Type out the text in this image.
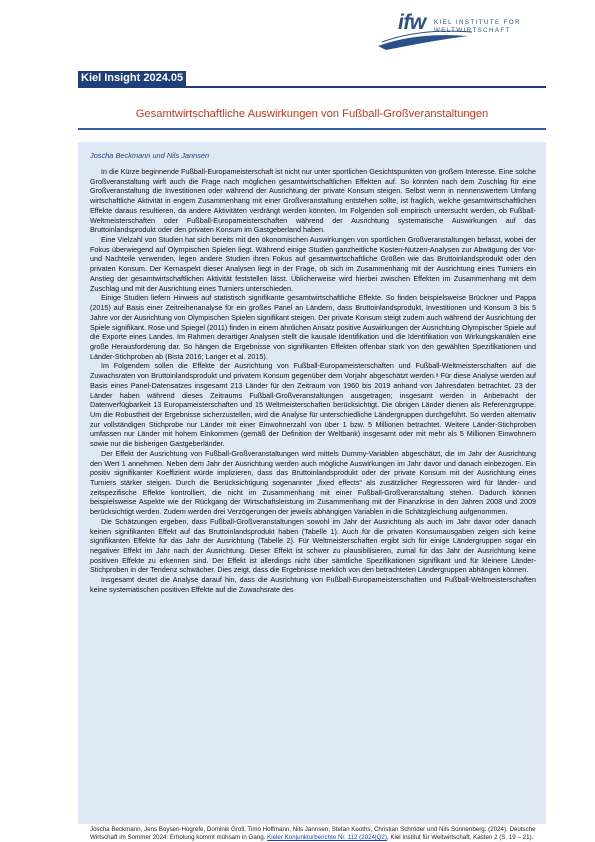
ifw KIEL INSTITUTE FOR
WELTWIRTSCHAFT
Kiel Insight 2024.05
Gesamtwirtschaftliche Auswirkungen von Fußball-Großveranstaltungen
Joscha Beckmann und Nils Jannsen

In die Kürze beginnende Fußball-Europameisterschaft ist nicht nur unter sportlichen Gesichtspunkten von großem Interesse. Eine solche Großveranstaltung wirft auch die Frage nach möglichen gesamtwirtschaftlichen Effekten auf. So könnten nach dem Zuschlag für eine Großveranstaltung die Investitionen oder während der Ausrichtung der private Konsum steigen. Selbst wenn in nennenswertem Umfang wirtschaftliche Aktivität in engem Zusammenhang mit einer Großveranstaltung entstehen sollte, ist fraglich, welche gesamtwirtschaftlichen Effekte daraus resultieren, da andere Aktivitäten verdrängt werden könnten. Im Folgenden soll empirisch untersucht werden, ob Fußball-Weltmeisterschaften oder Fußball-Europameisterschaften während der Ausrichtung systematische Auswirkungen auf das Bruttoinlandsprodukt oder den privaten Konsum im Gastgeberland haben.

Eine Vielzahl von Studien hat sich bereits mit den ökonomischen Auswirkungen von sportlichen Großveranstaltungen befasst, wobei der Fokus überwiegend auf Olympischen Spielen liegt. Während einige Studien ganzheitliche Kosten-Nutzen-Analysen zur Abwägung der Vor- und Nachteile verwenden, legen andere Studien ihren Fokus auf gesamtwirtschaftliche Größen wie das Bruttoinlandsprodukt oder den privaten Konsum. Der Kernaspekt dieser Analysen liegt in der Frage, ob sich im Zusammenhang mit der Ausrichtung eines Turniers ein Anstieg der gesamtwirtschaftlichen Aktivität feststellen lässt. Üblicherweise wird hierbei zwischen Effekten im Zusammenhang mit dem Zuschlag und mit der Ausrichtung eines Turniers unterschieden.

Einige Studien liefern Hinweis auf statistisch signifikante gesamtwirtschaftliche Effekte. So finden beispielsweise Brückner und Pappa (2015) auf Basis einer Zeitreihenanalyse für ein großes Panel an Ländern, dass Bruttoinlandsprodukt, Investitionen und Konsum 3 bis 5 Jahre vor der Ausrichtung von Olympischen Spielen signifikant steigen. Der private Konsum steigt zudem auch während der Ausrichtung der Spiele signifikant. Rose und Spiegel (2011) finden in einem ähnlichen Ansatz positive Auswirkungen der Ausrichtung Olympischer Spiele auf die Exporte eines Landes. Im Rahmen derartiger Analysen stellt die kausale Identifikation und die Identifikation von Wirkungskanälen eine große Herausforderung dar. So hängen die Ergebnisse von signifikanten Effekten offenbar stark von den gewählten Spezifikationen und Länder-Stichproben ab (Bista 2016; Langer et al. 2015).

Im Folgendem sollen die Effekte der Ausrichtung von Fußball-Europameisterschaften und Fußball-Weltmeisterschaften auf die Zuwachsraten von Bruttoinlandsprodukt und privatem Konsum gegenüber dem Vorjahr abgeschätzt werden.ᵃ Für diese Analyse werden auf Basis eines Panel-Datensatzes insgesamt 213 Länder für den Zeitraum von 1960 bis 2019 anhand von Jahresdaten betrachtet. 23 der Länder haben während dieses Zeitraums Fußball-Großveranstaltungen ausgetragen; insgesamt werden in Anbetracht der Datenverfügbarkeit 13 Europameisterschaften und 15 Weltmeisterschaften berücksichtigt. Die übrigen Länder dienen als Referenzgruppe. Um die Robustheit der Ergebnisse sicherzustellen, wird die Analyse für unterschiedliche Ländergruppen durchgeführt. So werden alternativ zur vollständigen Stichprobe nur Länder mit einer Einwohnerzahl von über 1 bzw. 5 Millionen betrachtet. Weitere Länder-Stichproben umfassen nur Länder mit hohem Einkommen (gemäß der Definition der Weltbank) insgesamt oder mit mehr als 5 Millionen Einwohnern sowie nur die bisherigen Gastgeberländer.

Der Effekt der Ausrichtung von Fußball-Großveranstaltungen wird mittels Dummy-Variablen abgeschätzt, die im Jahr der Ausrichtung den Wert 1 annehmen. Neben dem Jahr der Ausrichtung werden auch mögliche Auswirkungen im Jahr davor und danach einbezogen. Ein positiv signifikanter Koeffizient würde implizieren, dass das Bruttoinlandsprodukt oder der private Konsum mit der Ausrichtung eines Turniers stärker steigen. Durch die Berücksichtigung sogenannter „fixed effects“ als zusätzlicher Regressoren wird für länder- und zeitspezifische Effekte kontrolliert, die nicht im Zusammenhang mit einer Fußball-Großveranstaltung stehen. Dadurch können beispielsweise Aspekte wie der Rückgang der Wirtschaftsleistung im Zusammenhang mit der Finanzkrise in den Jahren 2008 und 2009 berücksichtigt werden. Zudem werden drei Verzögerungen der jeweils abhängigen Variablen in die Schätzgleichung aufgenommen.

Die Schätzungen ergeben, dass Fußball-Großveranstaltungen sowohl im Jahr der Ausrichtung als auch im Jahr davor oder danach keinen signifikanten Effekt auf das Bruttoinlandsprodukt haben (Tabelle 1). Auch für die privaten Konsumausgaben zeigen sich keine signifikanten Effekte für das Jahr der Ausrichtung (Tabelle 2). Für Weltmeisterschaften ergibt sich für einige Ländergruppen sogar ein negativer Effekt im Jahr nach der Ausrichtung. Dieser Effekt ist schwer zu plausibilisieren, zumal für das Jahr der Ausrichtung keine positiven Effekte zu erkennen sind. Der Effekt ist allerdings nicht über sämtliche Spezifikationen signifikant und für kleinere Länder-Stichproben in der Tendenz schwächer. Dies zeigt, dass die Ergebnisse merklich von den betrachteten Ländergruppen abhängen können.

Insgesamt deutet die Analyse darauf hin, dass die Ausrichtung von Fußball-Europameisterschaften und Fußball-Weltmeisterschaften keine systematischen positiven Effekte auf die Zuwachsrate des

Joscha Beckmann, Jens Boysen-Hogrefe, Dominik Groll, Timo Hoffmann, Nils Jannsen, Stefan Kooths, Christian Schröder und Nils Sonnenberg. (2024). Deutsche Wirtschaft im Sommer 2024: Erholung kommt mühsam in Gang. Kieler Konjunkturberichte Nr. 112 (2024|Q2), Kiel Institut für Weltwirtschaft, Kasten 2 (S. 19 – 21).
